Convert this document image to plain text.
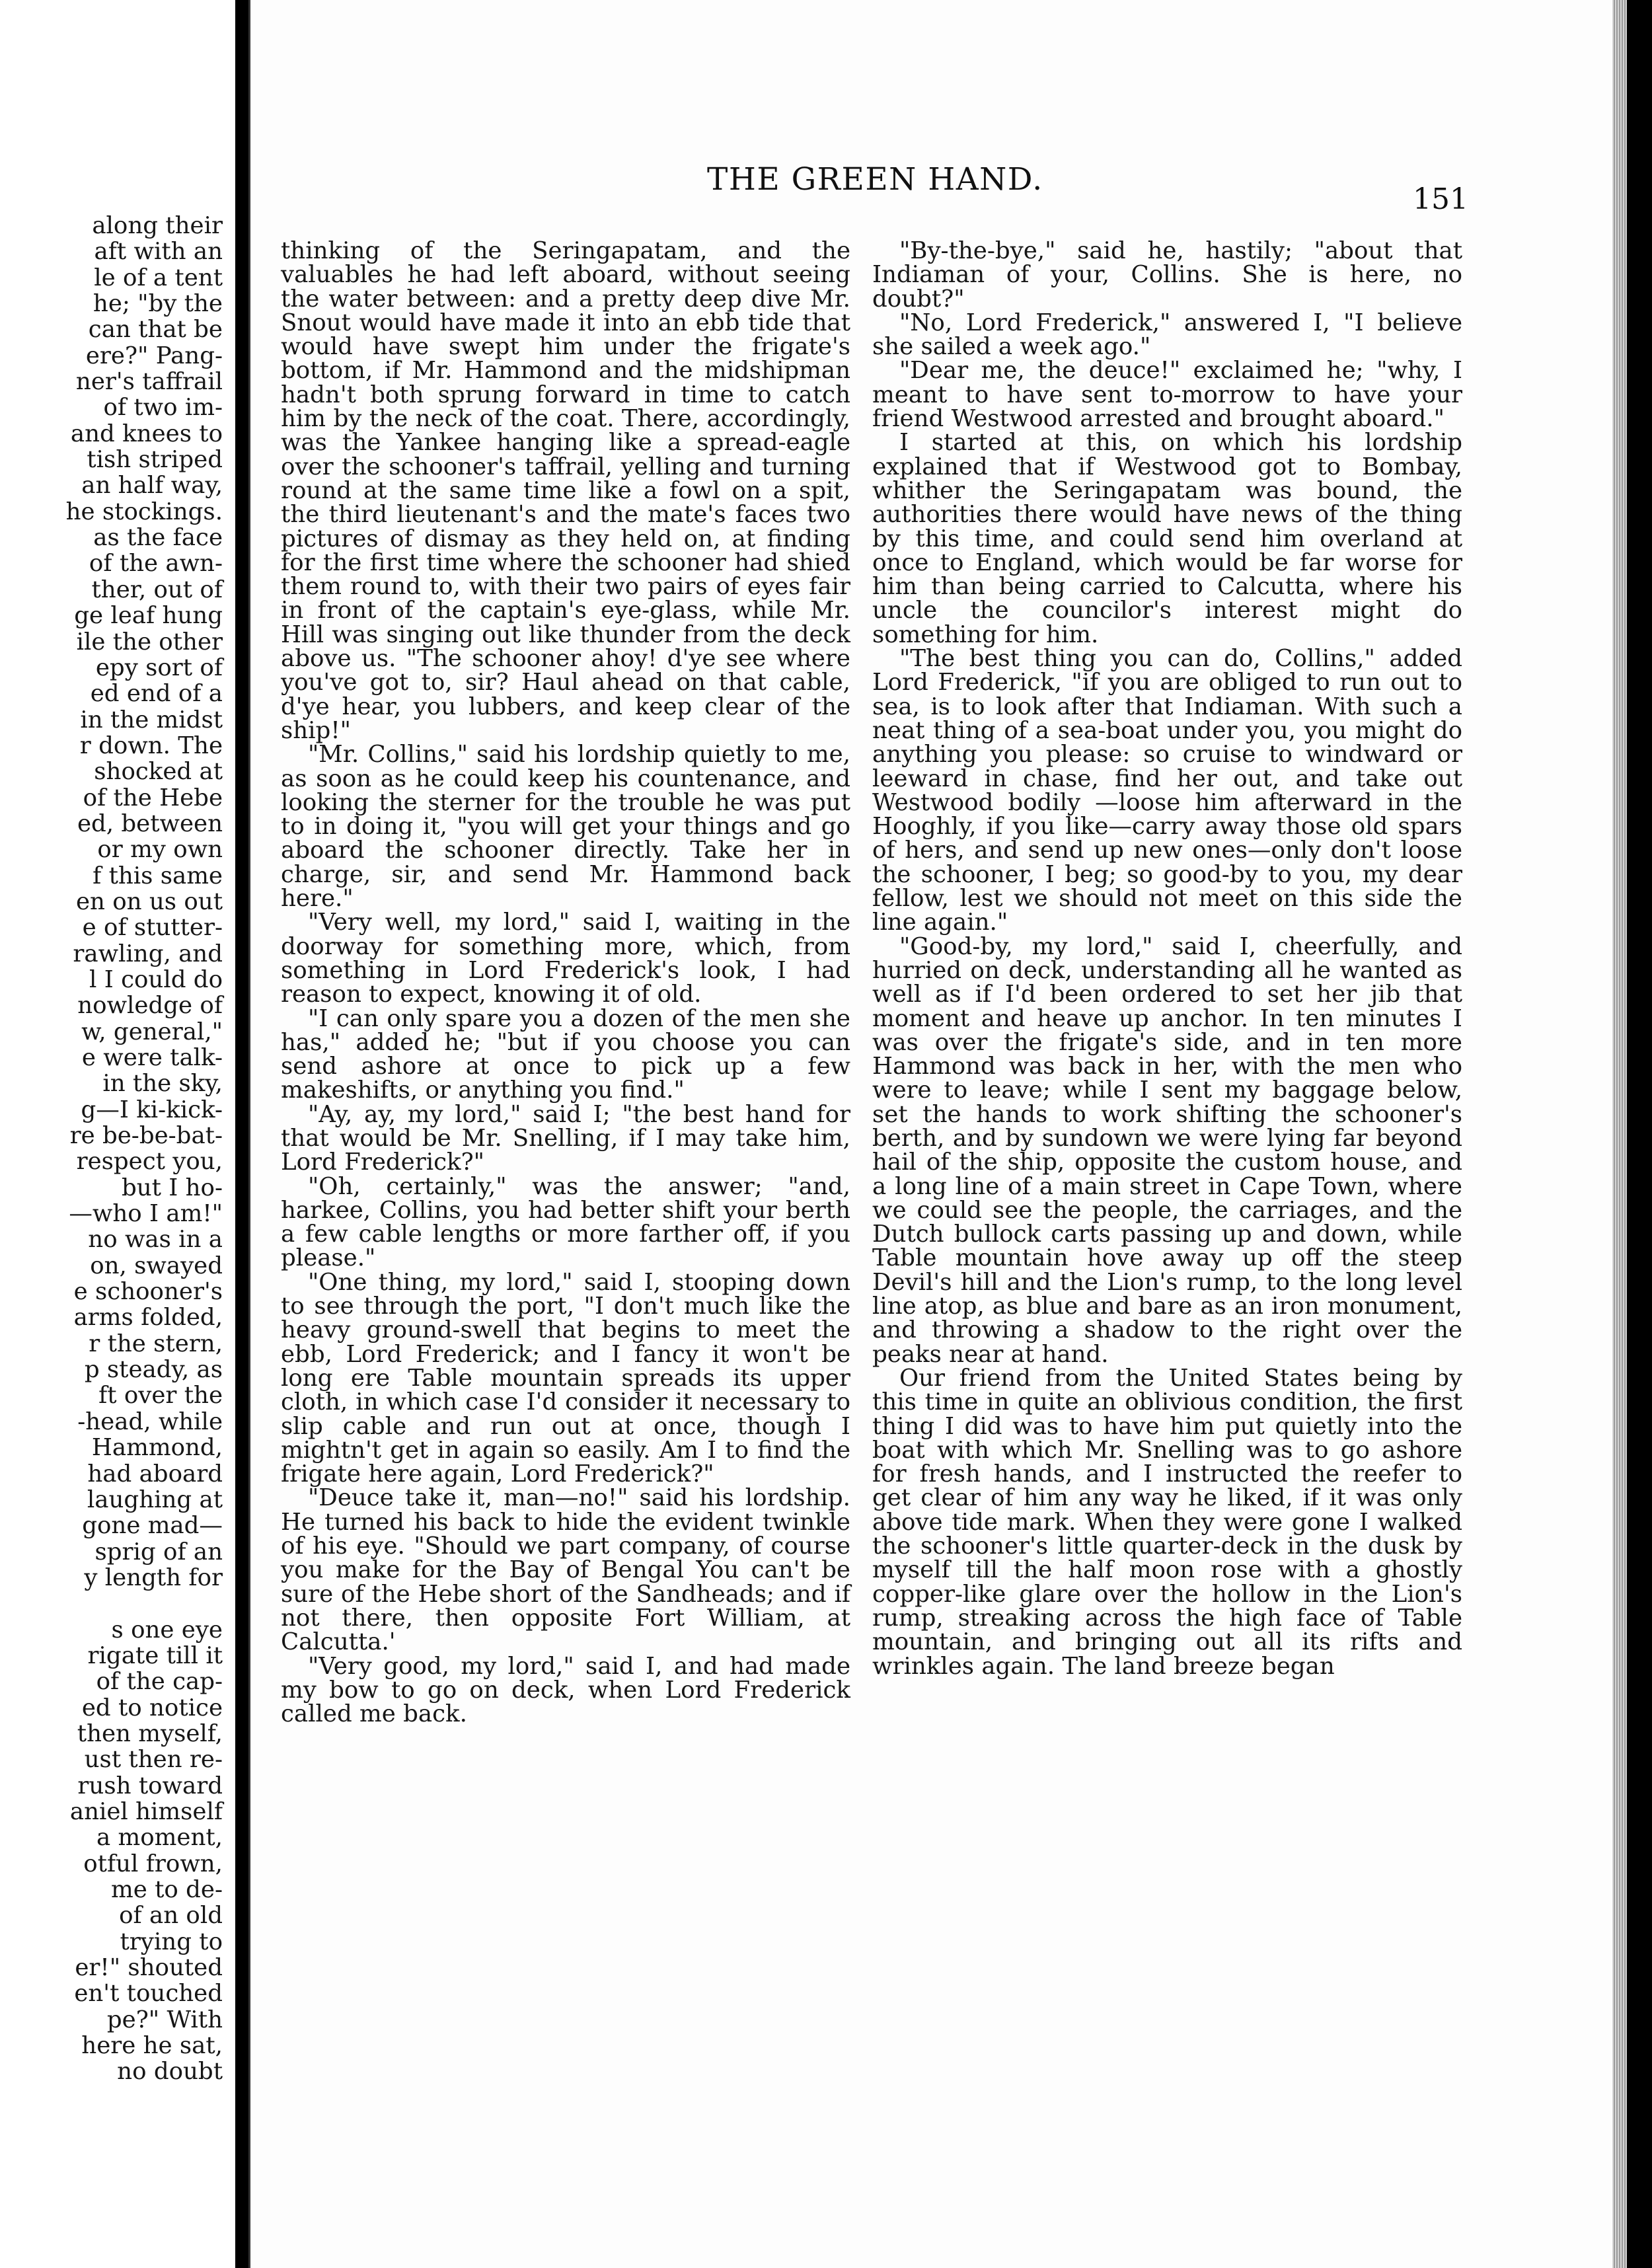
along their
aft with an
le of a tent
he; "by the
can that be
ere?" Pang-
ner's taffrail
of two im-
and knees to
tish striped
an half way,
he stockings.
as the face
of the awn-
ther, out of
ge leaf hung
ile the other
epy sort of
ed end of a
in the midst
r down. The
shocked at
of the Hebe
ed, between
or my own
f this same
en on us out
e of stutter-
rawling, and
l I could do
nowledge of
w, general,"
e were talk-
in the sky,
g—I ki-kick-
re be-be-bat-
respect you,
but I ho-
—who I am!"
no was in a
on, swayed
e schooner's
arms folded,
r the stern,
p steady, as
ft over the
-head, while
Hammond,
had aboard
laughing at
gone mad—
sprig of an
y length for

s one eye
rigate till it
of the cap-
ed to notice
then myself,
ust then re-
rush toward
aniel himself
a moment,
otful frown,
me to de-
of an old
trying to
er!" shouted
en't touched
pe?" With
here he sat,
no doubt
THE GREEN HAND.
151

thinking of the Seringapatam, and the valuables he had left aboard, without seeing the water between: and a pretty deep dive Mr. Snout would have made it into an ebb tide that would have swept him under the frigate's bottom, if Mr. Hammond and the midshipman hadn't both sprung forward in time to catch him by the neck of the coat. There, accordingly, was the Yankee hanging like a spread-eagle over the schooner's taffrail, yelling and turning round at the same time like a fowl on a spit, the third lieutenant's and the mate's faces two pictures of dismay as they held on, at finding for the first time where the schooner had shied them round to, with their two pairs of eyes fair in front of the captain's eye-glass, while Mr. Hill was singing out like thunder from the deck above us. "The schooner ahoy! d'ye see where you've got to, sir? Haul ahead on that cable, d'ye hear, you lubbers, and keep clear of the ship!"

"Mr. Collins," said his lordship quietly to me, as soon as he could keep his countenance, and looking the sterner for the trouble he was put to in doing it, "you will get your things and go aboard the schooner directly. Take her in charge, sir, and send Mr. Hammond back here."

"Very well, my lord," said I, waiting in the doorway for something more, which, from something in Lord Frederick's look, I had reason to expect, knowing it of old.

"I can only spare you a dozen of the men she has," added he; "but if you choose you can send ashore at once to pick up a few makeshifts, or anything you find."

"Ay, ay, my lord," said I; "the best hand for that would be Mr. Snelling, if I may take him, Lord Frederick?"

"Oh, certainly," was the answer; "and, harkee, Collins, you had better shift your berth a few cable lengths or more farther off, if you please."

"One thing, my lord," said I, stooping down to see through the port, "I don't much like the heavy ground-swell that begins to meet the ebb, Lord Frederick; and I fancy it won't be long ere Table mountain spreads its upper cloth, in which case I'd consider it necessary to slip cable and run out at once, though I mightn't get in again so easily. Am I to find the frigate here again, Lord Frederick?"

"Deuce take it, man—no!" said his lordship. He turned his back to hide the evident twinkle of his eye. "Should we part company, of course you make for the Bay of Bengal You can't be sure of the Hebe short of the Sandheads; and if not there, then opposite Fort William, at Calcutta.'

"Very good, my lord," said I, and had made my bow to go on deck, when Lord Frederick called me back.

"By-the-bye," said he, hastily; "about that Indiaman of your, Collins. She is here, no doubt?"

"No, Lord Frederick," answered I, "I believe she sailed a week ago."

"Dear me, the deuce!" exclaimed he; "why, I meant to have sent to-morrow to have your friend Westwood arrested and brought aboard."

I started at this, on which his lordship explained that if Westwood got to Bombay, whither the Seringapatam was bound, the authorities there would have news of the thing by this time, and could send him overland at once to England, which would be far worse for him than being carried to Calcutta, where his uncle the councilor's interest might do something for him.

"The best thing you can do, Collins," added Lord Frederick, "if you are obliged to run out to sea, is to look after that Indiaman. With such a neat thing of a sea-boat under you, you might do anything you please: so cruise to windward or leeward in chase, find her out, and take out Westwood bodily —loose him afterward in the Hooghly, if you like—carry away those old spars of hers, and send up new ones—only don't loose the schooner, I beg; so good-by to you, my dear fellow, lest we should not meet on this side the line again."

"Good-by, my lord," said I, cheerfully, and hurried on deck, understanding all he wanted as well as if I'd been ordered to set her jib that moment and heave up anchor. In ten minutes I was over the frigate's side, and in ten more Hammond was back in her, with the men who were to leave; while I sent my baggage below, set the hands to work shifting the schooner's berth, and by sundown we were lying far beyond hail of the ship, opposite the custom house, and a long line of a main street in Cape Town, where we could see the people, the carriages, and the Dutch bullock carts passing up and down, while Table mountain hove away up off the steep Devil's hill and the Lion's rump, to the long level line atop, as blue and bare as an iron monument, and throwing a shadow to the right over the peaks near at hand.

Our friend from the United States being by this time in quite an oblivious condition, the first thing I did was to have him put quietly into the boat with which Mr. Snelling was to go ashore for fresh hands, and I instructed the reefer to get clear of him any way he liked, if it was only above tide mark. When they were gone I walked the schooner's little quarter-deck in the dusk by myself till the half moon rose with a ghostly copper-like glare over the hollow in the Lion's rump, streaking across the high face of Table mountain, and bringing out all its rifts and wrinkles again. The land breeze began
